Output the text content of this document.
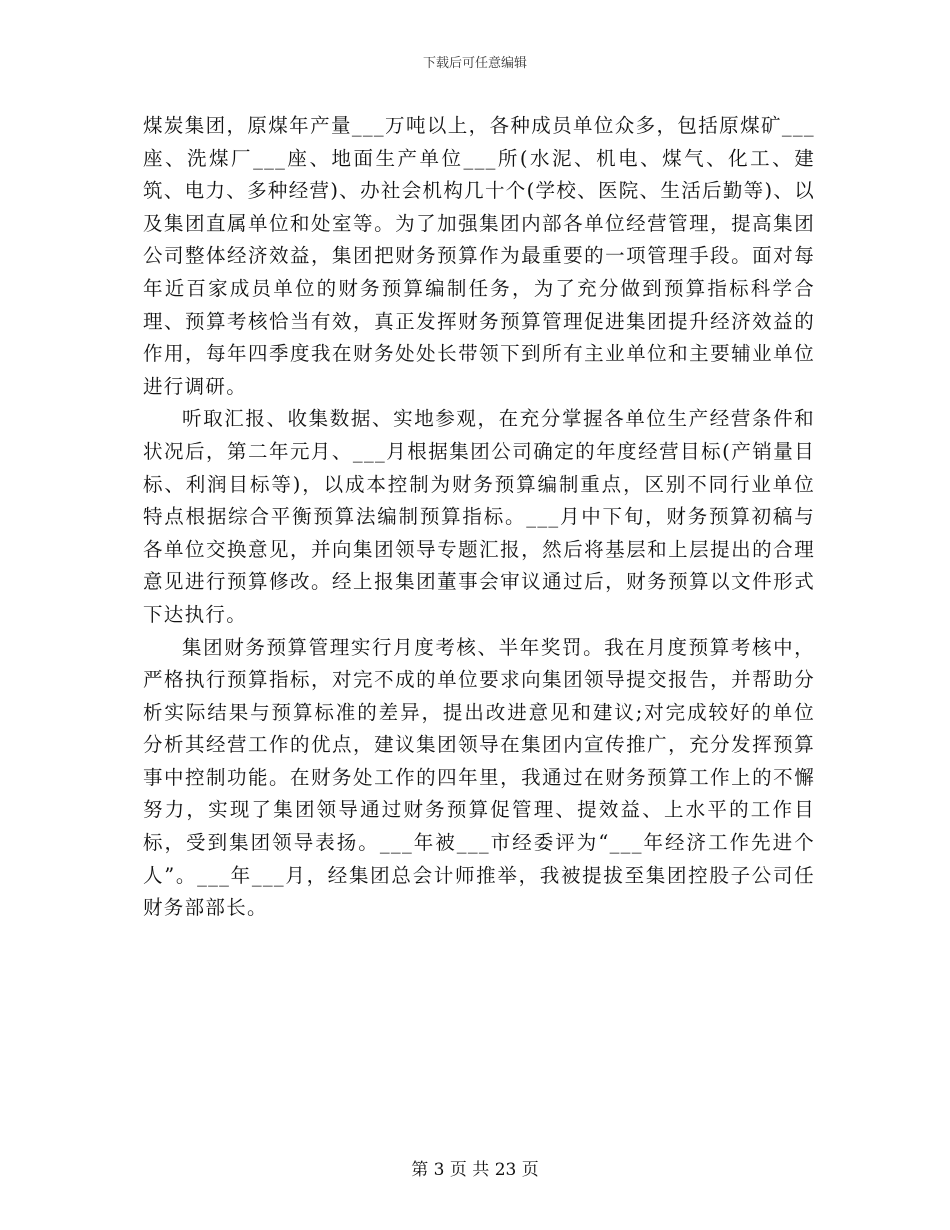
下载后可任意编辑

煤炭集团，原煤年产量___万吨以上，各种成员单位众多，包括原煤矿___座、洗煤厂___座、地面生产单位___所(水泥、机电、煤气、化工、建筑、电力、多种经营)、办社会机构几十个(学校、医院、生活后勤等)、以及集团直属单位和处室等。为了加强集团内部各单位经营管理，提高集团公司整体经济效益，集团把财务预算作为最重要的一项管理手段。面对每年近百家成员单位的财务预算编制任务，为了充分做到预算指标科学合理、预算考核恰当有效，真正发挥财务预算管理促进集团提升经济效益的作用，每年四季度我在财务处处长带领下到所有主业单位和主要辅业单位进行调研。

听取汇报、收集数据、实地参观，在充分掌握各单位生产经营条件和状况后，第二年元月、___月根据集团公司确定的年度经营目标(产销量目标、利润目标等)，以成本控制为财务预算编制重点，区别不同行业单位特点根据综合平衡预算法编制预算指标。___月中下旬，财务预算初稿与各单位交换意见，并向集团领导专题汇报，然后将基层和上层提出的合理意见进行预算修改。经上报集团董事会审议通过后，财务预算以文件形式下达执行。

集团财务预算管理实行月度考核、半年奖罚。我在月度预算考核中，严格执行预算指标，对完不成的单位要求向集团领导提交报告，并帮助分析实际结果与预算标准的差异，提出改进意见和建议;对完成较好的单位分析其经营工作的优点，建议集团领导在集团内宣传推广，充分发挥预算事中控制功能。在财务处工作的四年里，我通过在财务预算工作上的不懈努力，实现了集团领导通过财务预算促管理、提效益、上水平的工作目标，受到集团领导表扬。___年被___市经委评为“___年经济工作先进个人”。___年___月，经集团总会计师推举，我被提拔至集团控股子公司任财务部部长。

第 3 页 共 23 页
